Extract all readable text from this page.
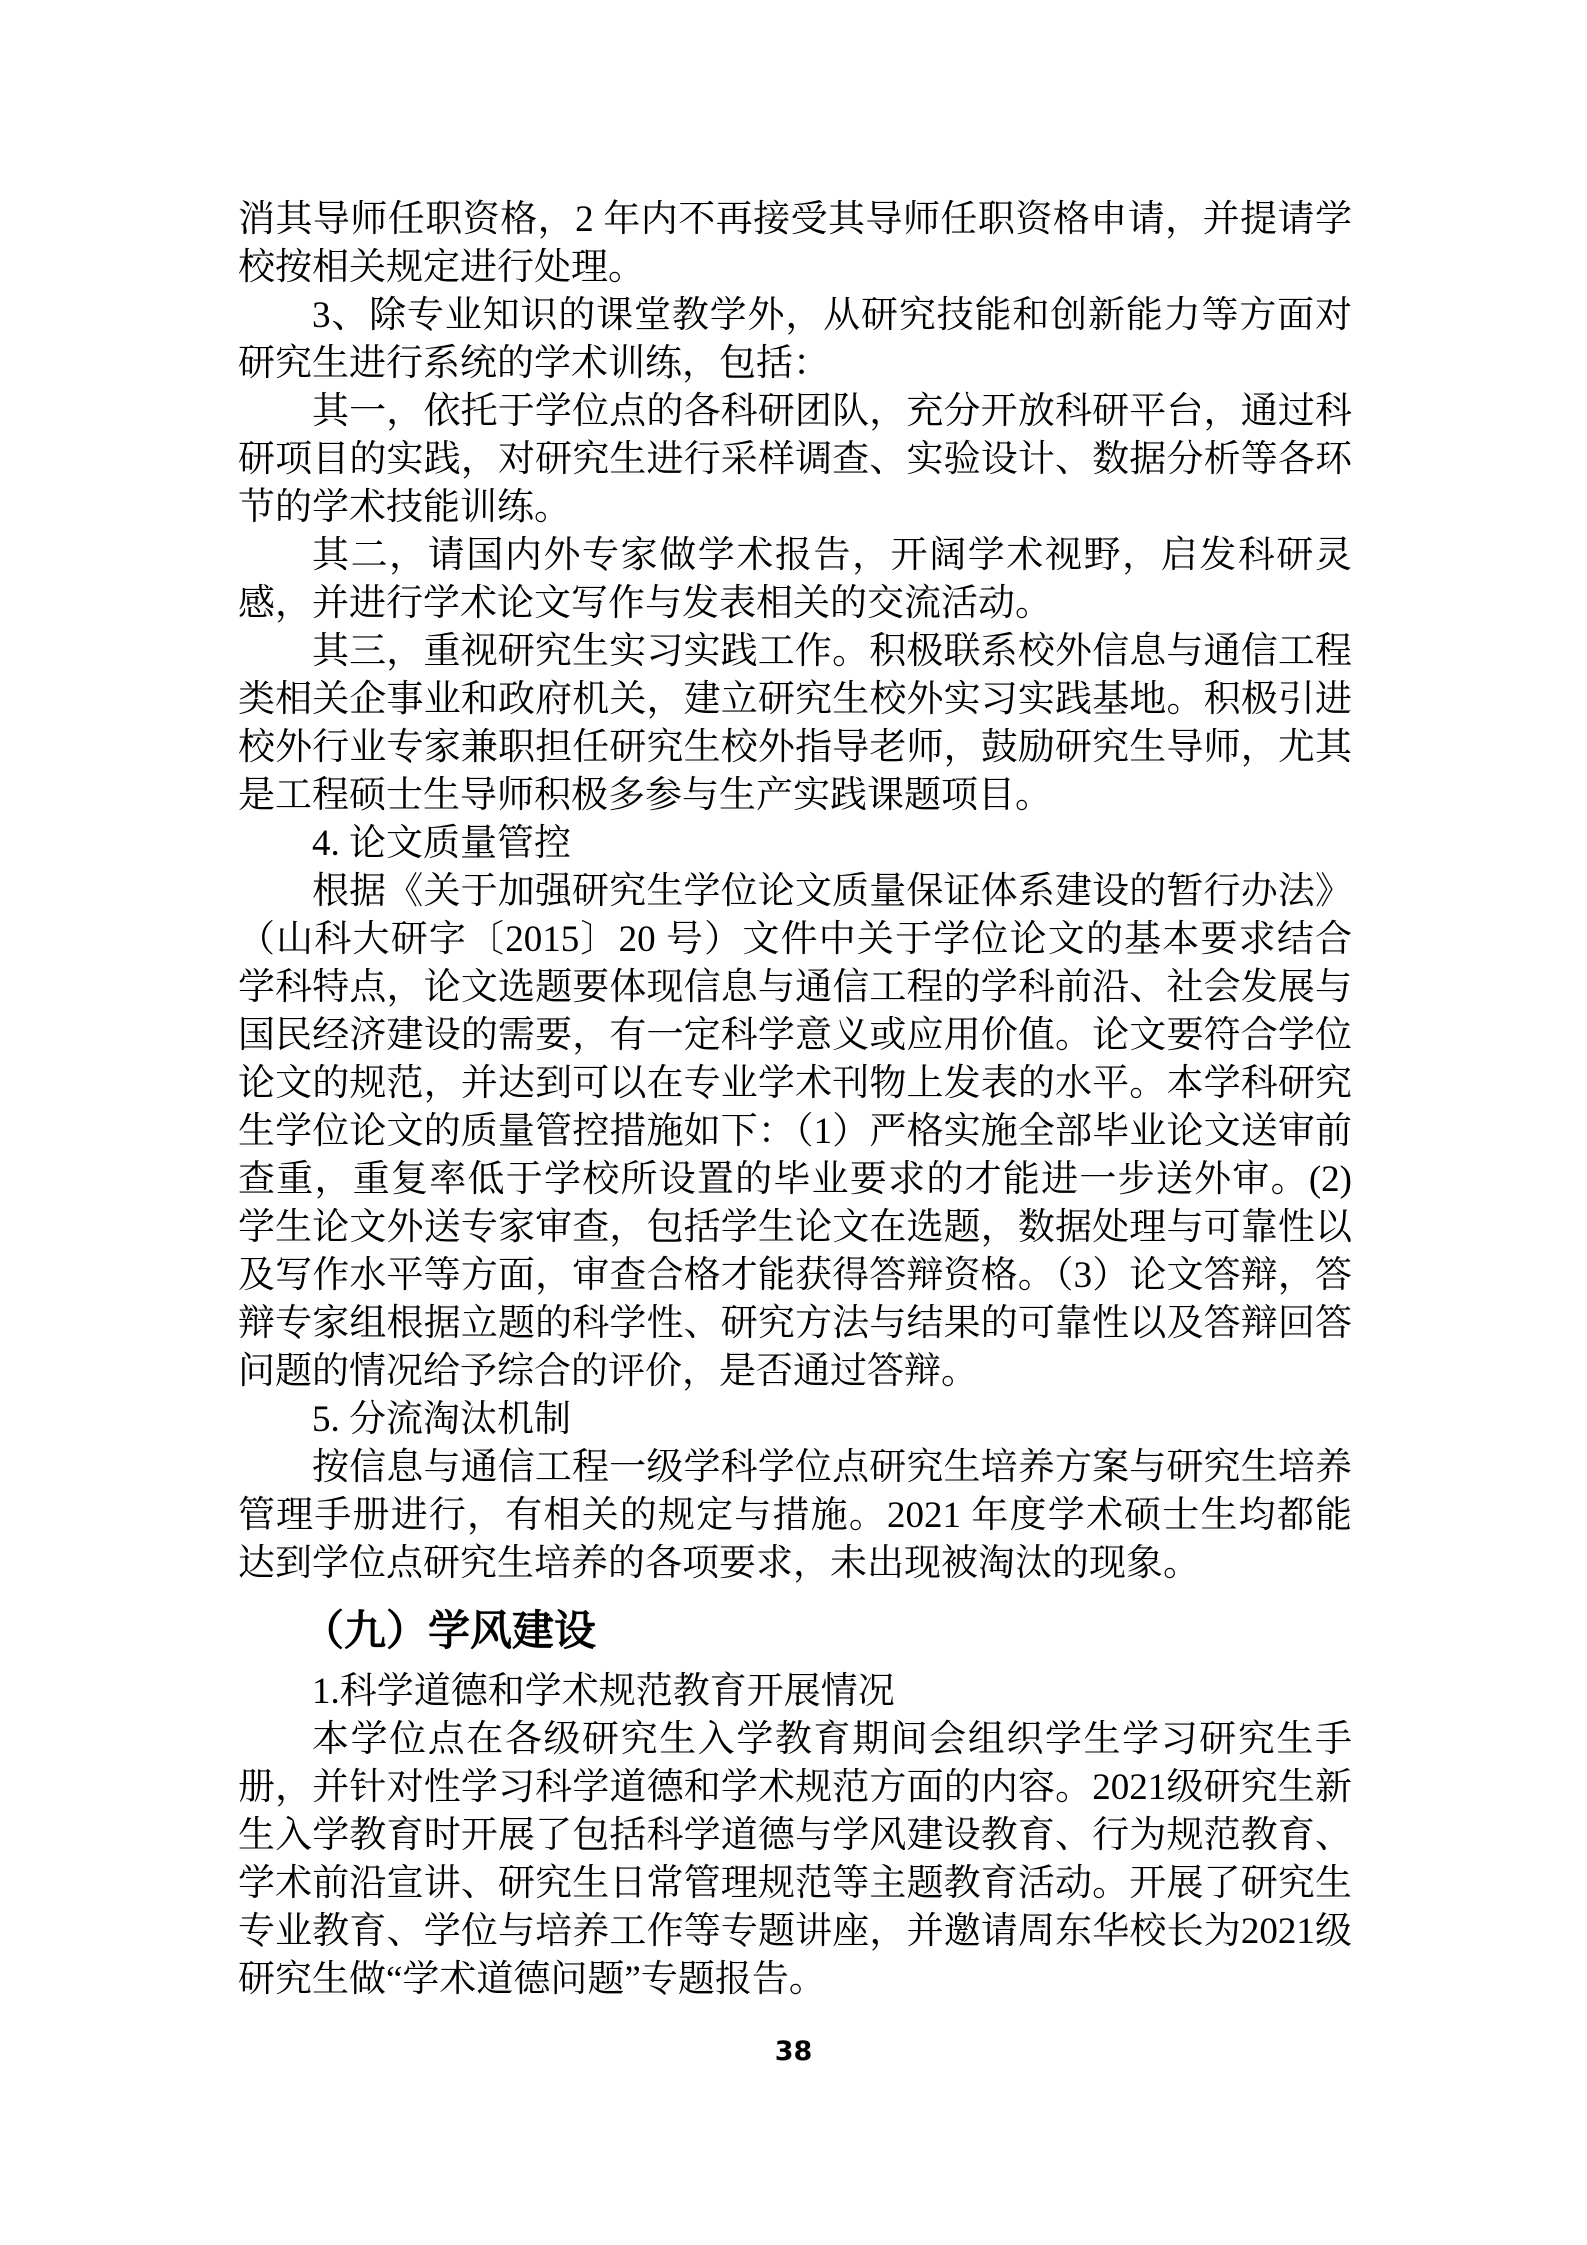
消其导师任职资格，2 年内不再接受其导师任职资格申请，并提请学校按相关规定进行处理。

3、除专业知识的课堂教学外，从研究技能和创新能力等方面对研究生进行系统的学术训练，包括：

其一，依托于学位点的各科研团队，充分开放科研平台，通过科研项目的实践，对研究生进行采样调查、实验设计、数据分析等各环节的学术技能训练。

其二，请国内外专家做学术报告，开阔学术视野，启发科研灵感，并进行学术论文写作与发表相关的交流活动。

其三，重视研究生实习实践工作。积极联系校外信息与通信工程类相关企事业和政府机关，建立研究生校外实习实践基地。积极引进校外行业专家兼职担任研究生校外指导老师，鼓励研究生导师，尤其是工程硕士生导师积极多参与生产实践课题项目。

4. 论文质量管控

根据《关于加强研究生学位论文质量保证体系建设的暂行办法》（山科大研字〔2015〕20 号）文件中关于学位论文的基本要求结合学科特点，论文选题要体现信息与通信工程的学科前沿、社会发展与国民经济建设的需要，有一定科学意义或应用价值。论文要符合学位论文的规范，并达到可以在专业学术刊物上发表的水平。本学科研究生学位论文的质量管控措施如下：（1）严格实施全部毕业论文送审前查重，重复率低于学校所设置的毕业要求的才能进一步送外审。(2)学生论文外送专家审查，包括学生论文在选题，数据处理与可靠性以及写作水平等方面，审查合格才能获得答辩资格。（3）论文答辩，答辩专家组根据立题的科学性、研究方法与结果的可靠性以及答辩回答问题的情况给予综合的评价，是否通过答辩。

5. 分流淘汰机制

按信息与通信工程一级学科学位点研究生培养方案与研究生培养管理手册进行，有相关的规定与措施。2021 年度学术硕士生均都能达到学位点研究生培养的各项要求，未出现被淘汰的现象。

（九）学风建设

1.科学道德和学术规范教育开展情况

本学位点在各级研究生入学教育期间会组织学生学习研究生手册，并针对性学习科学道德和学术规范方面的内容。2021级研究生新生入学教育时开展了包括科学道德与学风建设教育、行为规范教育、学术前沿宣讲、研究生日常管理规范等主题教育活动。开展了研究生专业教育、学位与培养工作等专题讲座，并邀请周东华校长为2021级研究生做“学术道德问题”专题报告。

38
